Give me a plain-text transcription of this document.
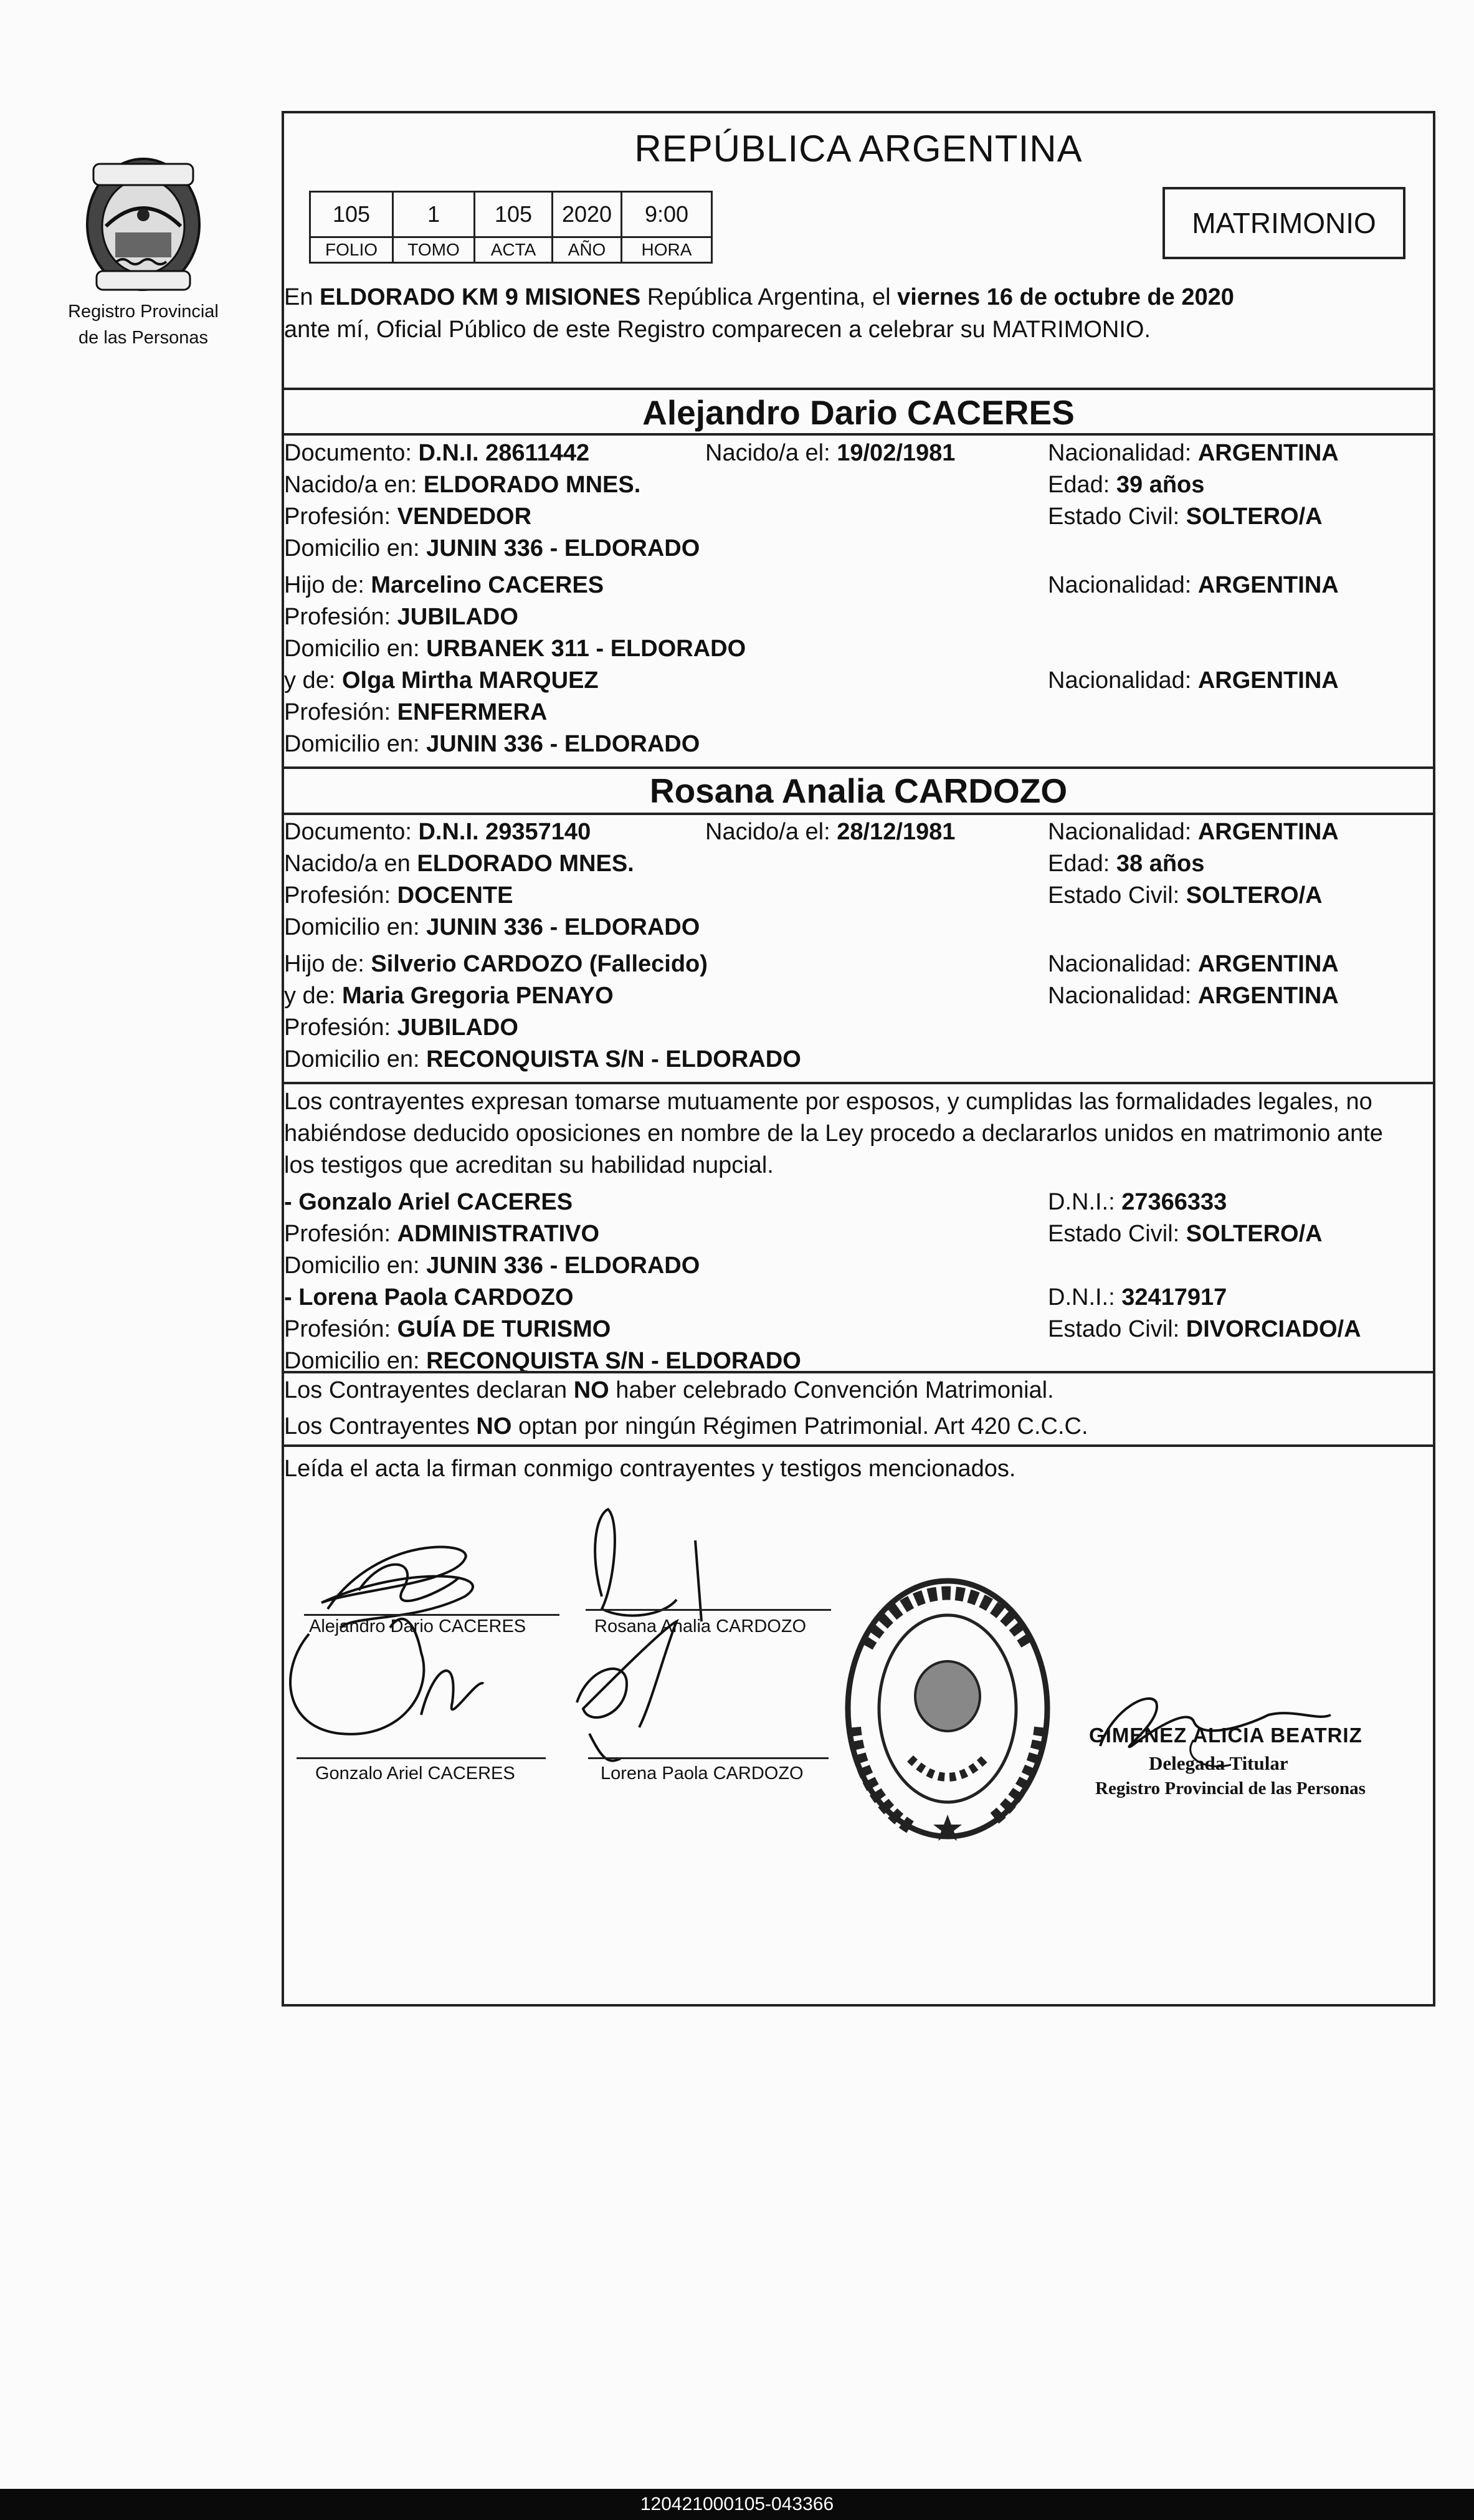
Registro Provincial
de las Personas
REPÚBLICA ARGENTINA
105	1	105	2020	9:00
FOLIO	TOMO	ACTA	AÑO	HORA
MATRIMONIO
En ELDORADO KM 9 MISIONES República Argentina, el viernes 16 de octubre de 2020
ante mí, Oficial Público de este Registro comparecen a celebrar su MATRIMONIO.
Alejandro Dario CACERES
Documento: D.N.I. 28611442	Nacido/a el: 19/02/1981	Nacionalidad: ARGENTINA
Nacido/a en: ELDORADO MNES.	Edad: 39 años
Profesión: VENDEDOR	Estado Civil: SOLTERO/A
Domicilio en: JUNIN 336 - ELDORADO
Hijo de: Marcelino CACERES	Nacionalidad: ARGENTINA
Profesión: JUBILADO
Domicilio en: URBANEK 311 - ELDORADO
y de: Olga Mirtha MARQUEZ	Nacionalidad: ARGENTINA
Profesión: ENFERMERA
Domicilio en: JUNIN 336 - ELDORADO
Rosana Analia CARDOZO
Documento: D.N.I. 29357140	Nacido/a el: 28/12/1981	Nacionalidad: ARGENTINA
Nacido/a en ELDORADO MNES.	Edad: 38 años
Profesión: DOCENTE	Estado Civil: SOLTERO/A
Domicilio en: JUNIN 336 - ELDORADO
Hijo de: Silverio CARDOZO (Fallecido)	Nacionalidad: ARGENTINA
y de: Maria Gregoria PENAYO	Nacionalidad: ARGENTINA
Profesión: JUBILADO
Domicilio en: RECONQUISTA S/N - ELDORADO
Los contrayentes expresan tomarse mutuamente por esposos, y cumplidas las formalidades legales, no
habiéndose deducido oposiciones en nombre de la Ley procedo a declararlos unidos en matrimonio ante
los testigos que acreditan su habilidad nupcial.
- Gonzalo Ariel CACERES	D.N.I.: 27366333
Profesión: ADMINISTRATIVO	Estado Civil: SOLTERO/A
Domicilio en: JUNIN 336 - ELDORADO
- Lorena Paola CARDOZO	D.N.I.: 32417917
Profesión: GUÍA DE TURISMO	Estado Civil: DIVORCIADO/A
Domicilio en: RECONQUISTA S/N - ELDORADO
Los Contrayentes declaran NO haber celebrado Convención Matrimonial.
Los Contrayentes NO optan por ningún Régimen Patrimonial. Art 420 C.C.C.
Leída el acta la firman conmigo contrayentes y testigos mencionados.
Alejandro Dario CACERES	Rosana Analia CARDOZO
Gonzalo Ariel CACERES	Lorena Paola CARDOZO
GIMENEZ ALICIA BEATRIZ
Delegada Titular
Registro Provincial de las Personas
120421000105-043366
